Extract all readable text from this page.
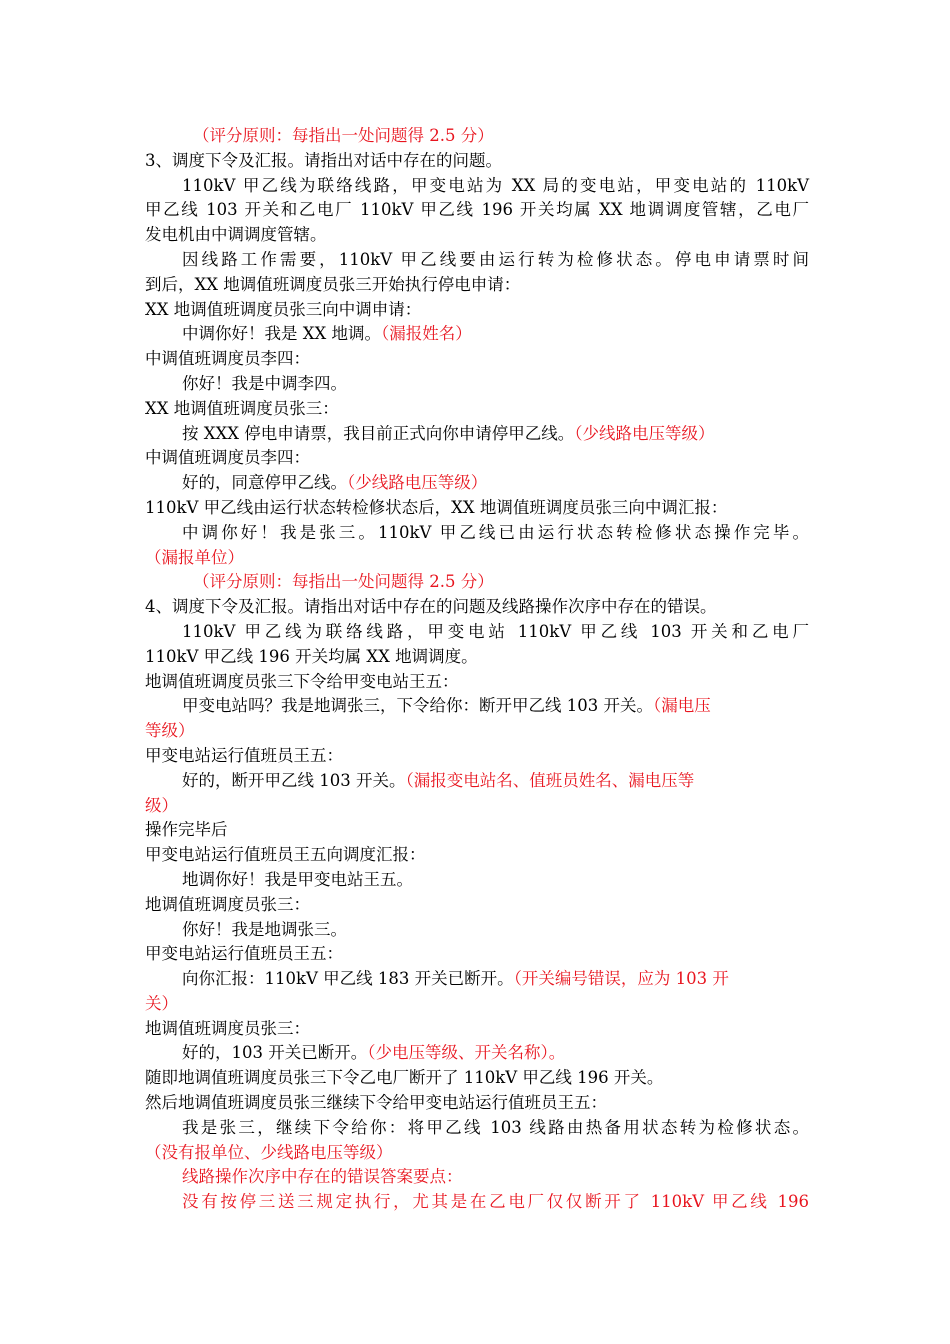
（评分原则：每指出一处问题得 2.5 分）
3、调度下令及汇报。请指出对话中存在的问题。
110kV 甲乙线为联络线路，甲变电站为 XX 局的变电站，甲变电站的 110kV
甲乙线 103 开关和乙电厂 110kV 甲乙线 196 开关均属 XX 地调调度管辖，乙电厂
发电机由中调调度管辖。
因线路工作需要，110kV 甲乙线要由运行转为检修状态。停电申请票时间
到后，XX 地调值班调度员张三开始执行停电申请：
XX 地调值班调度员张三向中调申请：
中调你好！我是 XX 地调。（漏报姓名）
中调值班调度员李四：
你好！我是中调李四。
XX 地调值班调度员张三：
按 XXX 停电申请票，我目前正式向你申请停甲乙线。（少线路电压等级）
中调值班调度员李四：
好的，同意停甲乙线。（少线路电压等级）
110kV 甲乙线由运行状态转检修状态后，XX 地调值班调度员张三向中调汇报：
中调你好！我是张三。110kV 甲乙线已由运行状态转检修状态操作完毕。
（漏报单位）
（评分原则：每指出一处问题得 2.5 分）
4、调度下令及汇报。请指出对话中存在的问题及线路操作次序中存在的错误。
110kV 甲乙线为联络线路，甲变电站 110kV 甲乙线 103 开关和乙电厂
110kV 甲乙线 196 开关均属 XX 地调调度。
地调值班调度员张三下令给甲变电站王五：
甲变电站吗？我是地调张三，下令给你：断开甲乙线 103 开关。（漏电压
等级）
甲变电站运行值班员王五：
好的，断开甲乙线 103 开关。（漏报变电站名、值班员姓名、漏电压等
级）
操作完毕后
甲变电站运行值班员王五向调度汇报：
地调你好！我是甲变电站王五。
地调值班调度员张三：
你好！我是地调张三。
甲变电站运行值班员王五：
向你汇报：110kV 甲乙线 183 开关已断开。（开关编号错误，应为 103 开
关）
地调值班调度员张三：
好的，103 开关已断开。（少电压等级、开关名称）。
随即地调值班调度员张三下令乙电厂断开了 110kV 甲乙线 196 开关。
然后地调值班调度员张三继续下令给甲变电站运行值班员王五：
我是张三，继续下令给你：将甲乙线 103 线路由热备用状态转为检修状态。
（没有报单位、少线路电压等级）
线路操作次序中存在的错误答案要点：
没有按停三送三规定执行，尤其是在乙电厂仅仅断开了 110kV 甲乙线 196
